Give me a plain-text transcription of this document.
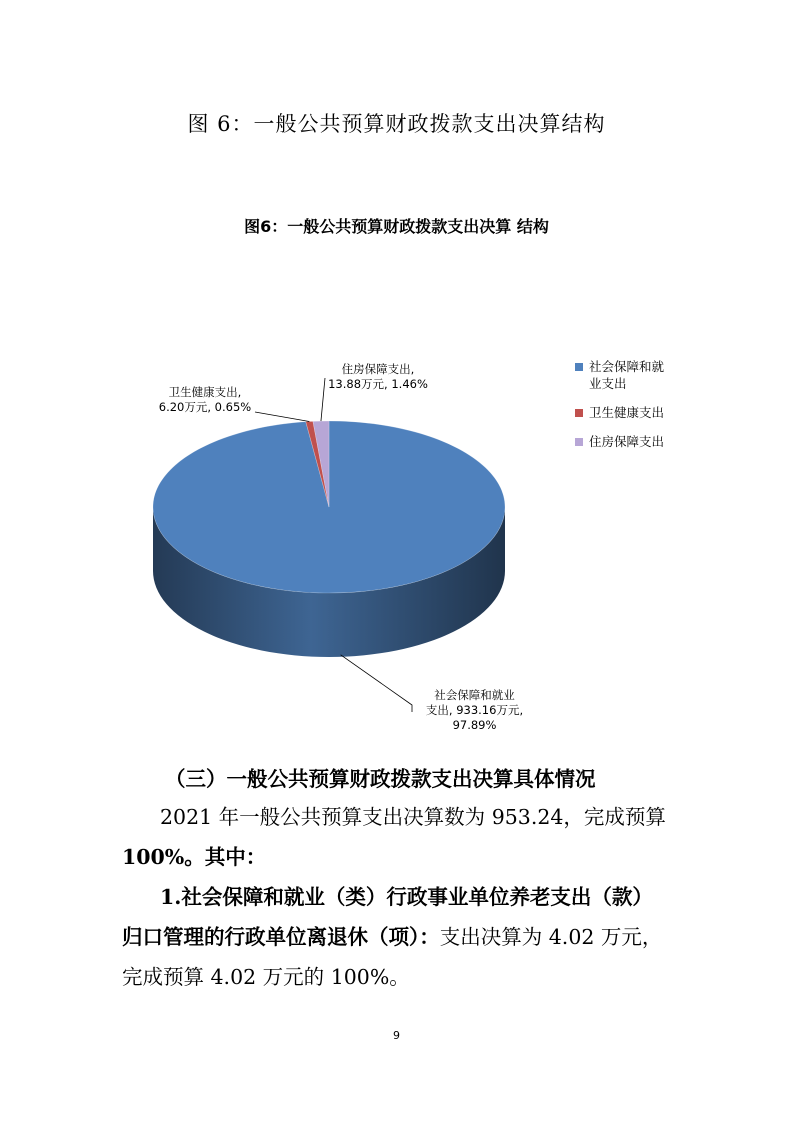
图 6：一般公共预算财政拨款支出决算结构
图6：一般公共预算财政拨款支出决算 结构
卫生健康支出,
6.20万元, 0.65%
住房保障支出,
13.88万元, 1.46%
社会保障和就业
支出, 933.16万元,
97.89%
社会保障和就
业支出
卫生健康支出
住房保障支出
（三）一般公共预算财政拨款支出决算具体情况
2021 年一般公共预算支出决算数为 953.24，完成预算
100%。其中：
1.社会保障和就业（类）行政事业单位养老支出（款）
归口管理的行政单位离退休（项）：支出决算为 4.02 万元，
完成预算 4.02 万元的 100%。
9
